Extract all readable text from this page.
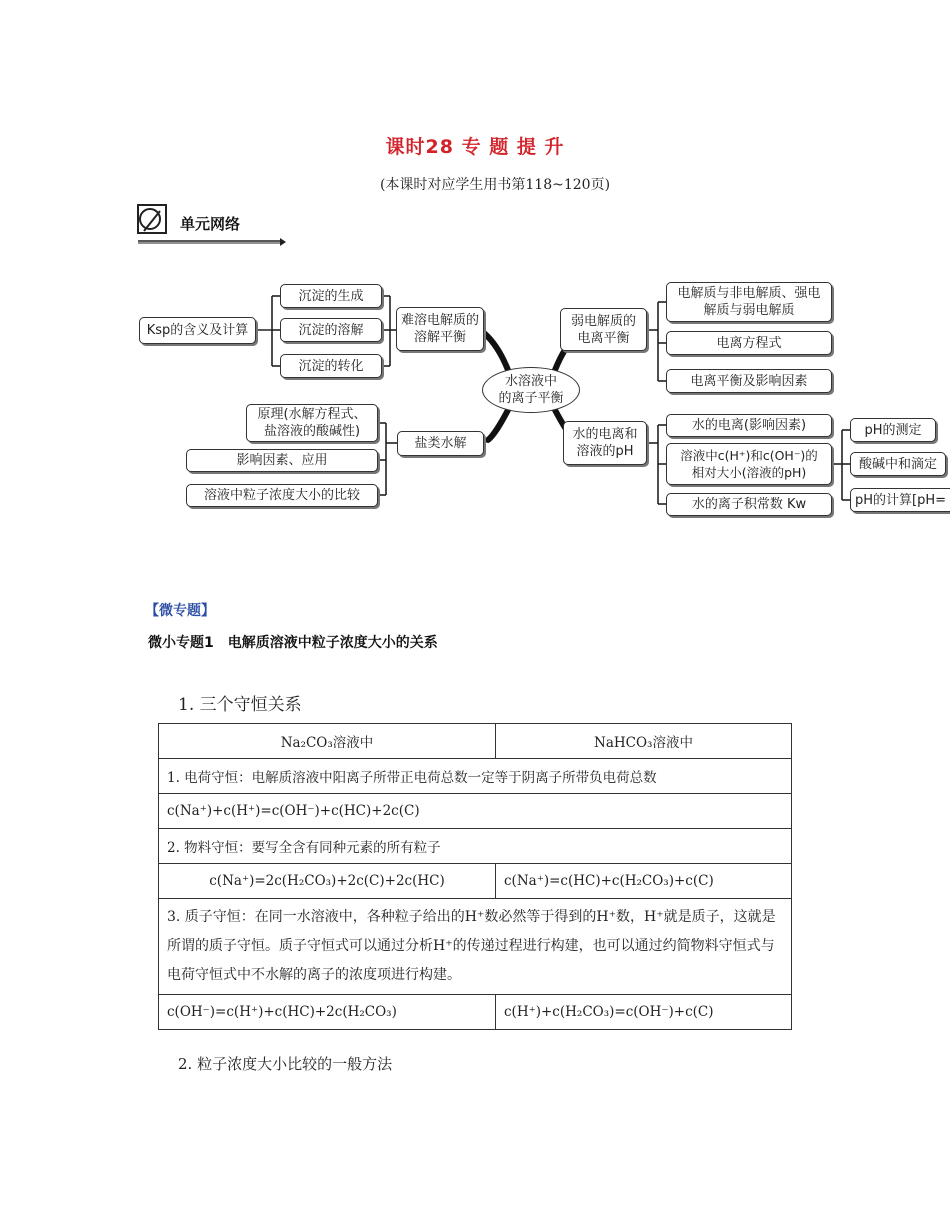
课时28 专 题 提 升
(本课时对应学生用书第118~120页)
单元网络
Ksp的含义及计算
沉淀的生成
沉淀的溶解
沉淀的转化
难溶电解质的
溶解平衡
水溶液中
的离子平衡
弱电解质的
电离平衡
电解质与非电解质、强电
解质与弱电解质
电离方程式
电离平衡及影响因素
原理(水解方程式、
盐溶液的酸碱性)
影响因素、应用
溶液中粒子浓度大小的比较
盐类水解
水的电离和
溶液的pH
水的电离(影响因素)
溶液中c(H⁺)和c(OH⁻)的
相对大小(溶液的pH)
水的离子积常数 Kw
pH的测定
酸碱中和滴定
pH的计算[pH=
【微专题】
微小专题1　电解质溶液中粒子浓度大小的关系
1. 三个守恒关系
Na₂CO₃溶液中	NaHCO₃溶液中
1. 电荷守恒：电解质溶液中阳离子所带正电荷总数一定等于阴离子所带负电荷总数	
c(Na⁺)+c(H⁺)=c(OH⁻)+c(HC)+2c(C)	
2. 物料守恒：要写全含有同种元素的所有粒子	
c(Na⁺)=2c(H₂CO₃)+2c(C)+2c(HC)	c(Na⁺)=c(HC)+c(H₂CO₃)+c(C)
3. 质子守恒：在同一水溶液中，各种粒子给出的H⁺数必然等于得到的H⁺数，H⁺就是质子，这就是所谓的质子守恒。质子守恒式可以通过分析H⁺的传递过程进行构建，也可以通过约简物料守恒式与电荷守恒式中不水解的离子的浓度项进行构建。	
c(OH⁻)=c(H⁺)+c(HC)+2c(H₂CO₃)	c(H⁺)+c(H₂CO₃)=c(OH⁻)+c(C)
2. 粒子浓度大小比较的一般方法
